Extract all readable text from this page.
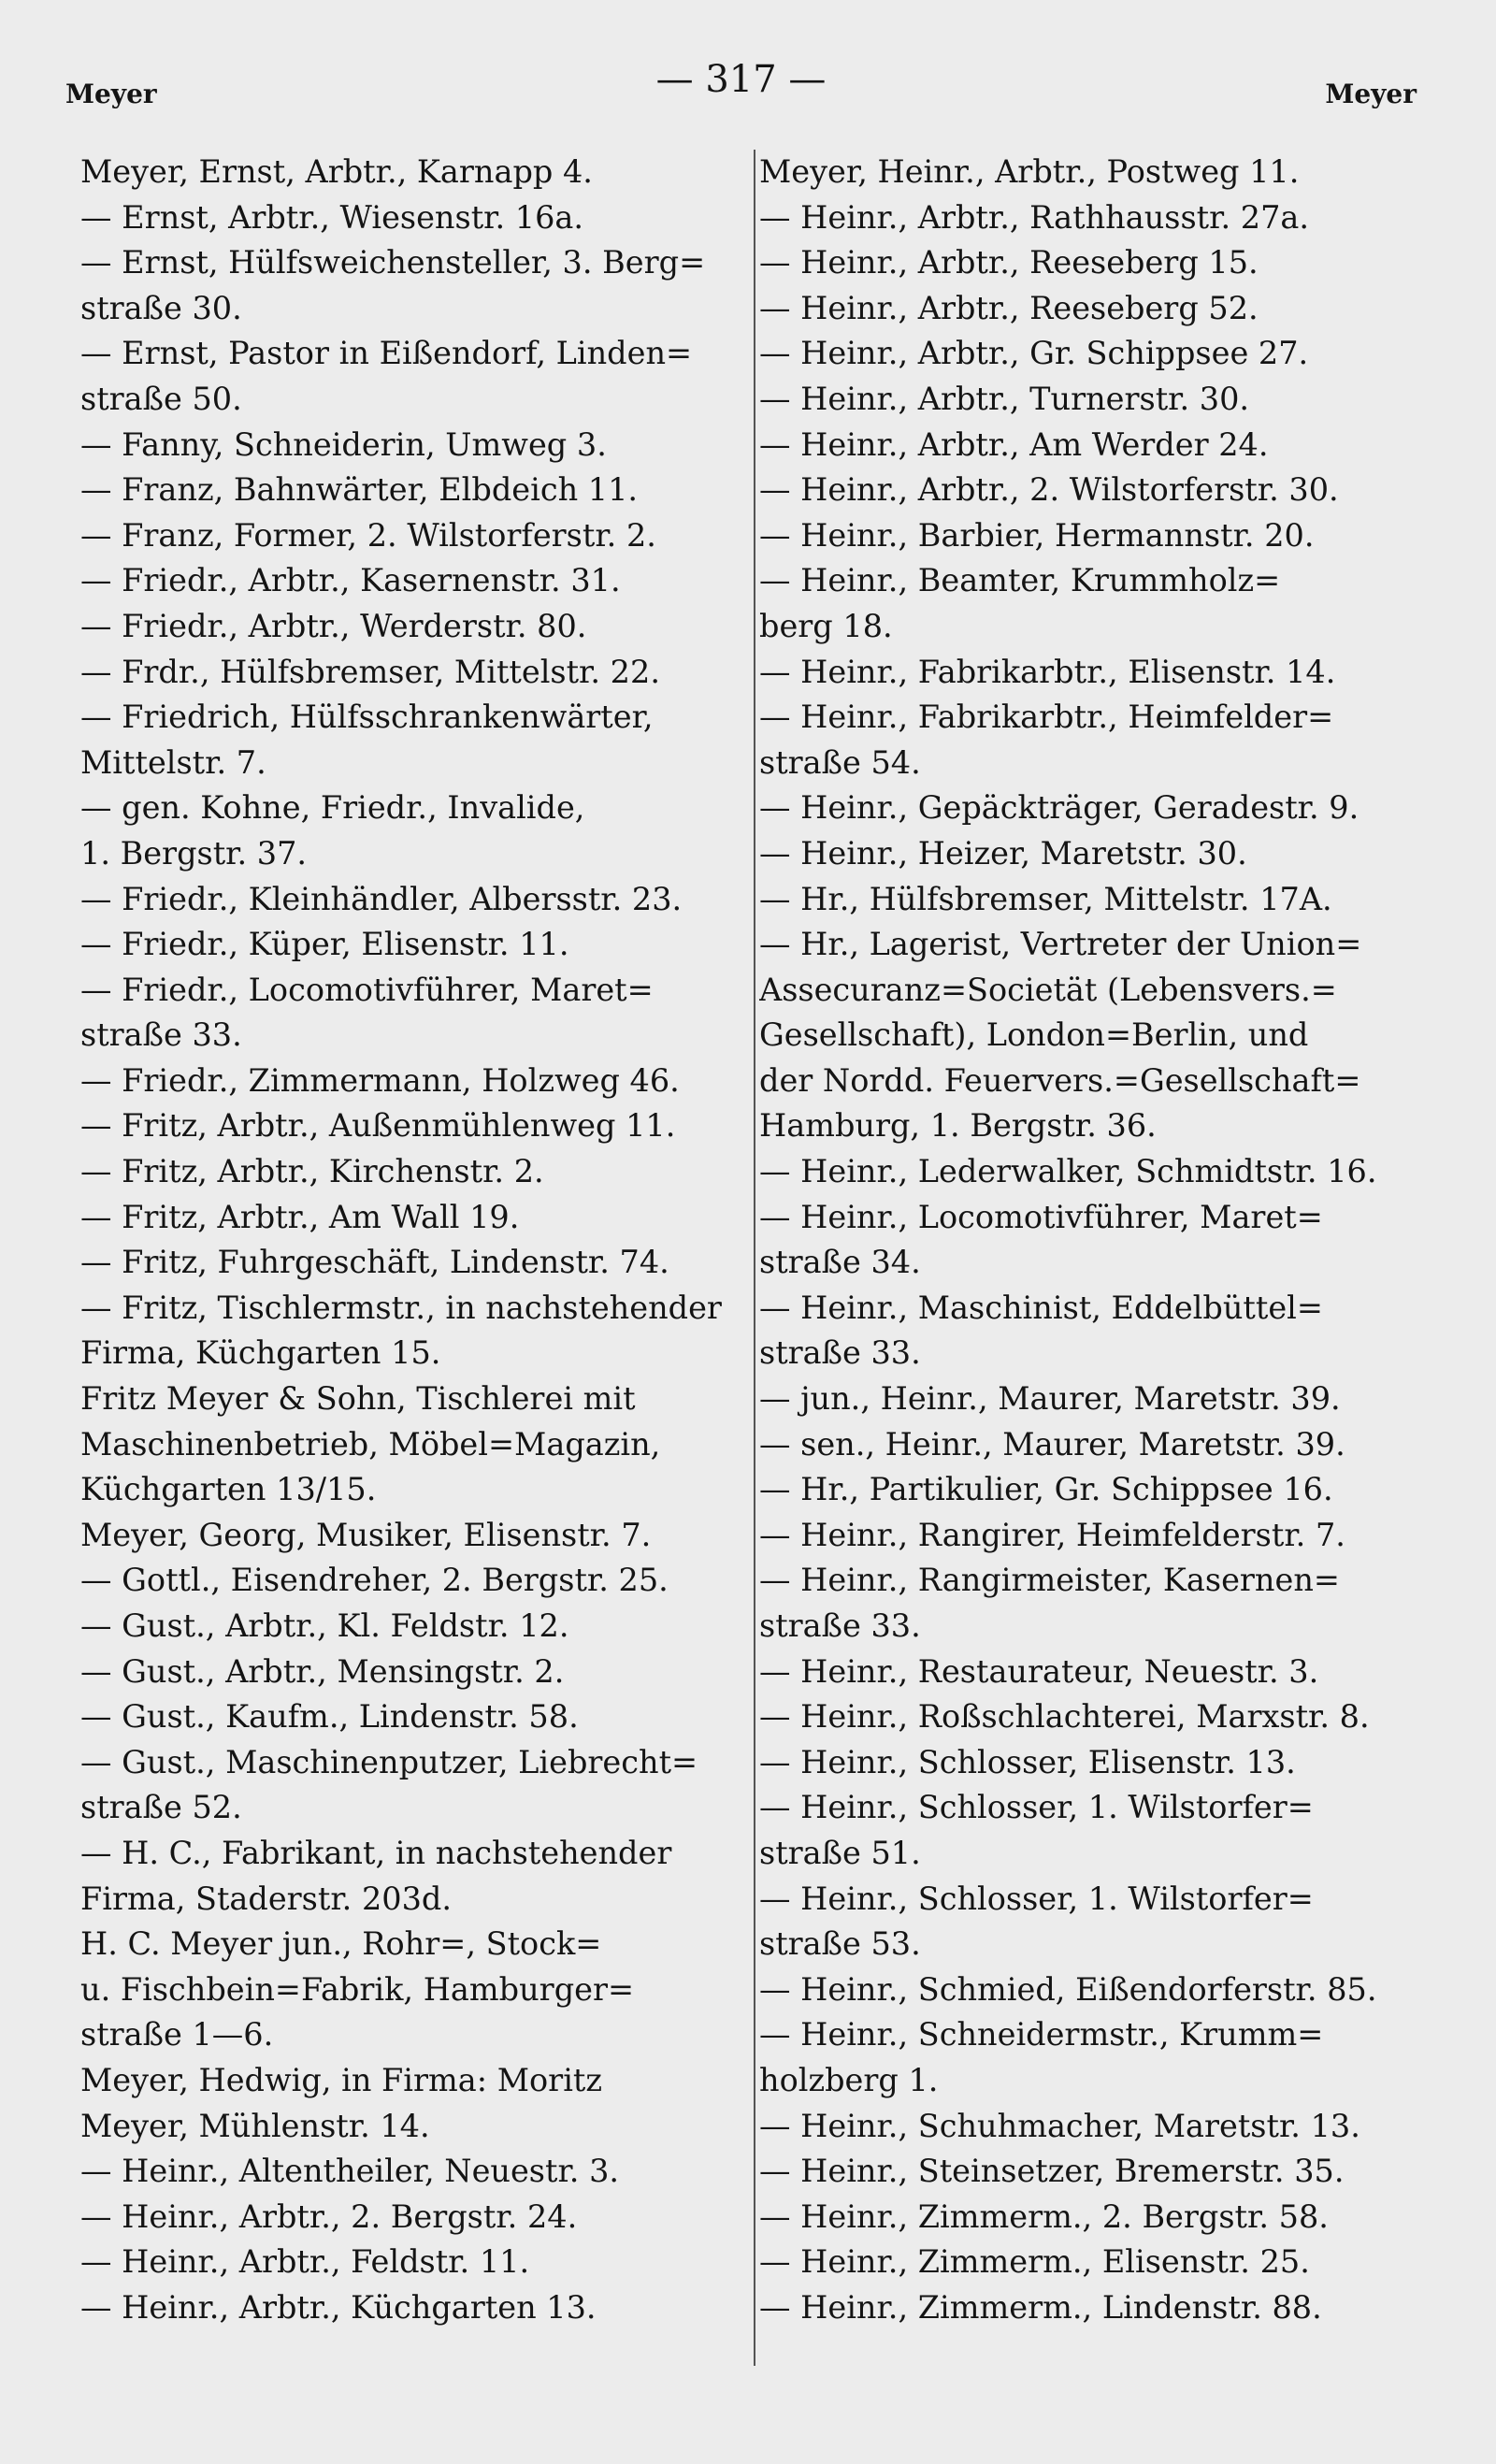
Meyer	— 317 —	Meyer
Meyer, Ernst, Arbtr., Karnapp 4.
— Ernst, Arbtr., Wiesenstr. 16a.
— Ernst, Hülfsweichensteller, 3. Berg=
straße 30.
— Ernst, Pastor in Eißendorf, Linden=
straße 50.
— Fanny, Schneiderin, Umweg 3.
— Franz, Bahnwärter, Elbdeich 11.
— Franz, Former, 2. Wilstorferstr. 2.
— Friedr., Arbtr., Kasernenstr. 31.
— Friedr., Arbtr., Werderstr. 80.
— Frdr., Hülfsbremser, Mittelstr. 22.
— Friedrich, Hülfsschrankenwärter,
Mittelstr. 7.
— gen. Kohne, Friedr., Invalide,
1. Bergstr. 37.
— Friedr., Kleinhändler, Albersstr. 23.
— Friedr., Küper, Elisenstr. 11.
— Friedr., Locomotivführer, Maret=
straße 33.
— Friedr., Zimmermann, Holzweg 46.
— Fritz, Arbtr., Außenmühlenweg 11.
— Fritz, Arbtr., Kirchenstr. 2.
— Fritz, Arbtr., Am Wall 19.
— Fritz, Fuhrgeschäft, Lindenstr. 74.
— Fritz, Tischlermstr., in nachstehender
Firma, Küchgarten 15.
Fritz Meyer & Sohn, Tischlerei mit
Maschinenbetrieb, Möbel=Magazin,
Küchgarten 13/15.
Meyer, Georg, Musiker, Elisenstr. 7.
— Gottl., Eisendreher, 2. Bergstr. 25.
— Gust., Arbtr., Kl. Feldstr. 12.
— Gust., Arbtr., Mensingstr. 2.
— Gust., Kaufm., Lindenstr. 58.
— Gust., Maschinenputzer, Liebrecht=
straße 52.
— H. C., Fabrikant, in nachstehender
Firma, Staderstr. 203d.
H. C. Meyer jun., Rohr=, Stock=
u. Fischbein=Fabrik, Hamburger=
straße 1—6.
Meyer, Hedwig, in Firma: Moritz
Meyer, Mühlenstr. 14.
— Heinr., Altentheiler, Neuestr. 3.
— Heinr., Arbtr., 2. Bergstr. 24.
— Heinr., Arbtr., Feldstr. 11.
— Heinr., Arbtr., Küchgarten 13.
Meyer, Heinr., Arbtr., Postweg 11.
— Heinr., Arbtr., Rathhausstr. 27a.
— Heinr., Arbtr., Reeseberg 15.
— Heinr., Arbtr., Reeseberg 52.
— Heinr., Arbtr., Gr. Schippsee 27.
— Heinr., Arbtr., Turnerstr. 30.
— Heinr., Arbtr., Am Werder 24.
— Heinr., Arbtr., 2. Wilstorferstr. 30.
— Heinr., Barbier, Hermannstr. 20.
— Heinr., Beamter, Krummholz=
berg 18.
— Heinr., Fabrikarbtr., Elisenstr. 14.
— Heinr., Fabrikarbtr., Heimfelder=
straße 54.
— Heinr., Gepäckträger, Geradestr. 9.
— Heinr., Heizer, Maretstr. 30.
— Hr., Hülfsbremser, Mittelstr. 17A.
— Hr., Lagerist, Vertreter der Union=
Assecuranz=Societät (Lebensvers.=
Gesellschaft), London=Berlin, und
der Nordd. Feuervers.=Gesellschaft=
Hamburg, 1. Bergstr. 36.
— Heinr., Lederwalker, Schmidtstr. 16.
— Heinr., Locomotivführer, Maret=
straße 34.
— Heinr., Maschinist, Eddelbüttel=
straße 33.
— jun., Heinr., Maurer, Maretstr. 39.
— sen., Heinr., Maurer, Maretstr. 39.
— Hr., Partikulier, Gr. Schippsee 16.
— Heinr., Rangirer, Heimfelderstr. 7.
— Heinr., Rangirmeister, Kasernen=
straße 33.
— Heinr., Restaurateur, Neuestr. 3.
— Heinr., Roßschlachterei, Marxstr. 8.
— Heinr., Schlosser, Elisenstr. 13.
— Heinr., Schlosser, 1. Wilstorfer=
straße 51.
— Heinr., Schlosser, 1. Wilstorfer=
straße 53.
— Heinr., Schmied, Eißendorferstr. 85.
— Heinr., Schneidermstr., Krumm=
holzberg 1.
— Heinr., Schuhmacher, Maretstr. 13.
— Heinr., Steinsetzer, Bremerstr. 35.
— Heinr., Zimmerm., 2. Bergstr. 58.
— Heinr., Zimmerm., Elisenstr. 25.
— Heinr., Zimmerm., Lindenstr. 88.
